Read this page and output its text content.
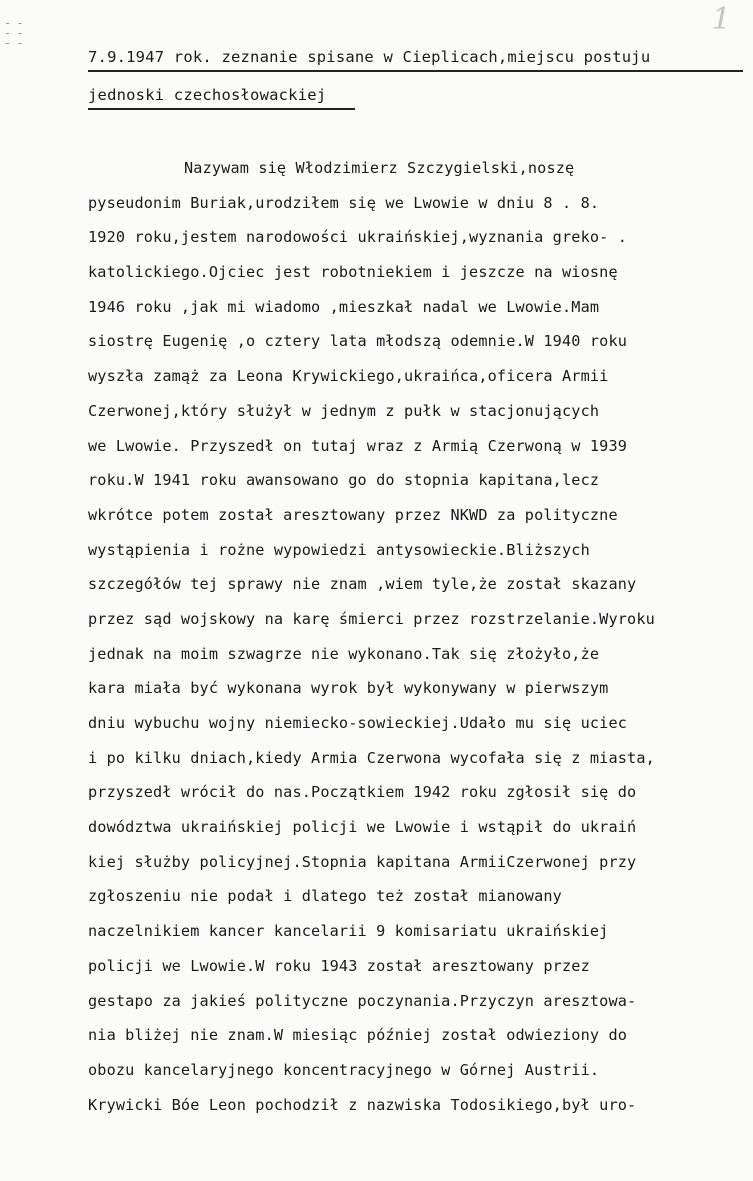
1
- -
- -
- -
7.9.1947 rok. zeznanie spisane w Cieplicach,miejscu postuju
jednoski czechosłowackiej
Nazywam się Włodzimierz Szczygielski,noszę
pyseudonim Buriak,urodziłem się we Lwowie w dniu 8 . 8.
1920 roku,jestem narodowości ukraińskiej,wyznania greko- .
katolickiego.Ojciec jest robotniekiem i jeszcze na wiosnę
1946 roku ,jak mi wiadomo ,mieszkał nadal we Lwowie.Mam
siostrę Eugenię ,o cztery lata młodszą odemnie.W 1940 roku
wyszła zamąż za Leona Krywickiego,ukraińca,oficera Armii
Czerwonej,który służył w jednym z pułk w stacjonujących
we Lwowie. Przyszedł on tutaj wraz z Armią Czerwoną w 1939
roku.W 1941 roku awansowano go do stopnia kapitana,lecz
wkrótce potem został aresztowany przez NKWD za polityczne
wystąpienia i rożne wypowiedzi antysowieckie.Bliższych
szczegółów tej sprawy nie znam ,wiem tyle,że został skazany
przez sąd wojskowy na karę śmierci przez rozstrzelanie.Wyroku
jednak na moim szwagrze nie wykonano.Tak się złożyło,że
kara miała być wykonana wyrok był wykonywany w pierwszym
dniu wybuchu wojny niemiecko-sowieckiej.Udało mu się uciec
i po kilku dniach,kiedy Armia Czerwona wycofała się z miasta,
przyszedł wrócił do nas.Początkiem 1942 roku zgłosił się do
dowództwa ukraińskiej policji we Lwowie i wstąpił do ukraiń
kiej służby policyjnej.Stopnia kapitana ArmiiCzerwonej przy
zgłoszeniu nie podał i dlatego też został mianowany
naczelnikiem kancer kancelarii 9 komisariatu ukraińskiej
policji we Lwowie.W roku 1943 został aresztowany przez
gestapo za jakieś polityczne poczynania.Przyczyn aresztowa-
nia bliżej nie znam.W miesiąc później został odwieziony do
obozu kancelaryjnego koncentracyjnego w Górnej Austrii.
Krywicki Bóe Leon pochodził z nazwiska Todosikiego,był uro-
